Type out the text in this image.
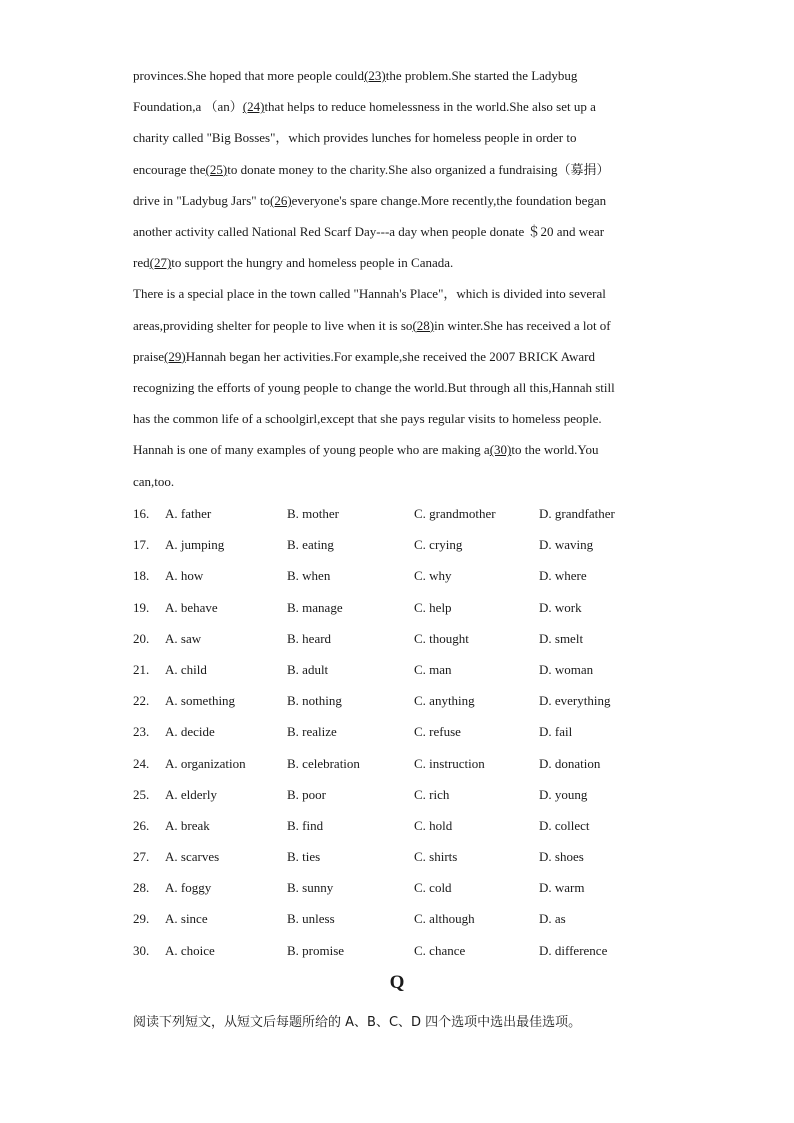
provinces.She hoped that more people could(23)the problem.She started the Ladybug

Foundation,a （an）(24)that helps to reduce homelessness in the world.She also set up a

charity called "Big Bosses"，which provides lunches for homeless people in order to

encourage the(25)to donate money to the charity.She also organized a fundraising（募捐）

drive in "Ladybug Jars" to(26)everyone's spare change.More recently,the foundation began

another activity called National Red Scarf Day---a day when people donate ＄20 and wear

red(27)to support the hungry and homeless people in Canada.

There is a special place in the town called "Hannah's Place"，which is divided into several

areas,providing shelter for people to live when it is so(28)in winter.She has received a lot of

praise(29)Hannah began her activities.For example,she received the 2007 BRICK Award

recognizing the efforts of young people to change the world.But through all this,Hannah still

has the common life of a schoolgirl,except that she pays regular visits to homeless people.

Hannah is one of many examples of young people who are making a(30)to the world.You

can,too.

16. A. father	B. mother	C. grandmother	D. grandfather
17. A. jumping	B. eating	C. crying	D. waving
18. A. how	B. when	C. why	D. where
19. A. behave	B. manage	C. help	D. work
20. A. saw	B. heard	C. thought	D. smelt
21. A. child	B. adult	C. man	D. woman
22. A. something	B. nothing	C. anything	D. everything
23. A. decide	B. realize	C. refuse	D. fail
24. A. organization	B. celebration	C. instruction	D. donation
25. A. elderly	B. poor	C. rich	D. young
26. A. break	B. find	C. hold	D. collect
27. A. scarves	B. ties	C. shirts	D. shoes
28. A. foggy	B. sunny	C. cold	D. warm
29. A. since	B. unless	C. although	D. as
30. A. choice	B. promise	C. chance	D. difference
Q
阅读下列短文，从短文后每题所给的 A、B、C、D 四个选项中选出最佳选项。
